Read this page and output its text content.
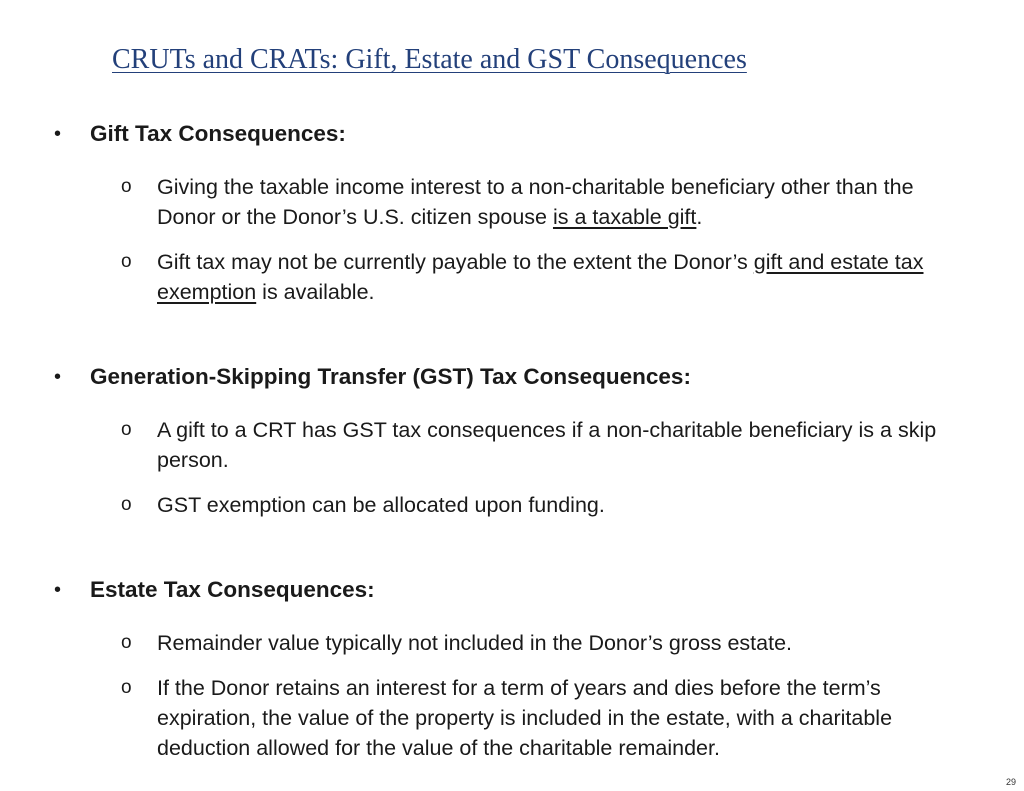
CRUTs and CRATs: Gift, Estate and GST Consequences
• Gift Tax Consequences:
o Giving the taxable income interest to a non-charitable beneficiary other than the Donor or the Donor’s U.S. citizen spouse is a taxable gift.
o Gift tax may not be currently payable to the extent the Donor’s gift and estate tax exemption is available.
• Generation-Skipping Transfer (GST) Tax Consequences:
o A gift to a CRT has GST tax consequences if a non-charitable beneficiary is a skip person.
o GST exemption can be allocated upon funding.
• Estate Tax Consequences:
o Remainder value typically not included in the Donor’s gross estate.
o If the Donor retains an interest for a term of years and dies before the term’s expiration, the value of the property is included in the estate, with a charitable deduction allowed for the value of the charitable remainder.
29
